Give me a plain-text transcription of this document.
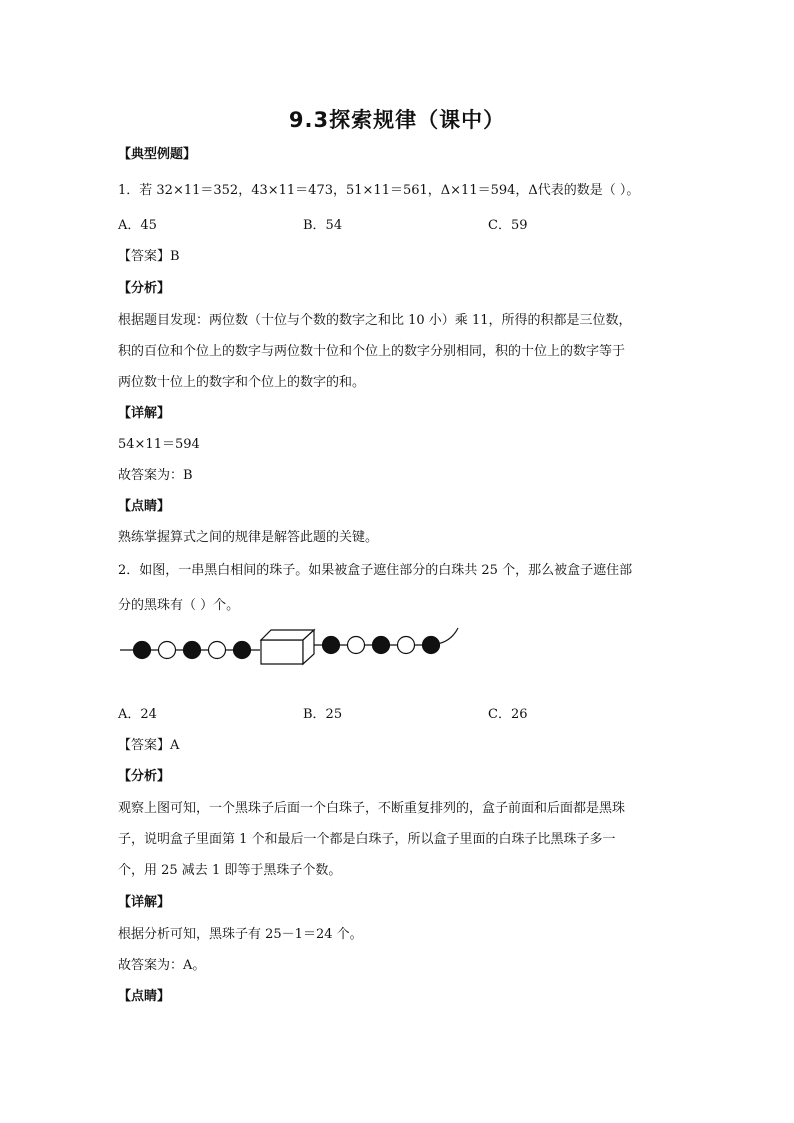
9.3探索规律（课中）
【典型例题】
1．若 32×11＝352，43×11＝473，51×11＝561，Δ×11＝594，Δ代表的数是（ ）。
A．45	B．54	C．59
【答案】B
【分析】
根据题目发现：两位数（十位与个数的数字之和比 10 小）乘 11，所得的积都是三位数，
积的百位和个位上的数字与两位数十位和个位上的数字分别相同，积的十位上的数字等于
两位数十位上的数字和个位上的数字的和。
【详解】
54×11＝594
故答案为：B
【点睛】
熟练掌握算式之间的规律是解答此题的关键。
2．如图，一串黑白相间的珠子。如果被盒子遮住部分的白珠共 25 个，那么被盒子遮住部
分的黑珠有（ ）个。
A．24	B．25	C．26
【答案】A
【分析】
观察上图可知，一个黑珠子后面一个白珠子，不断重复排列的，盒子前面和后面都是黑珠
子，说明盒子里面第 1 个和最后一个都是白珠子，所以盒子里面的白珠子比黑珠子多一
个，用 25 减去 1 即等于黑珠子个数。
【详解】
根据分析可知，黑珠子有 25－1＝24 个。
故答案为：A。
【点睛】
